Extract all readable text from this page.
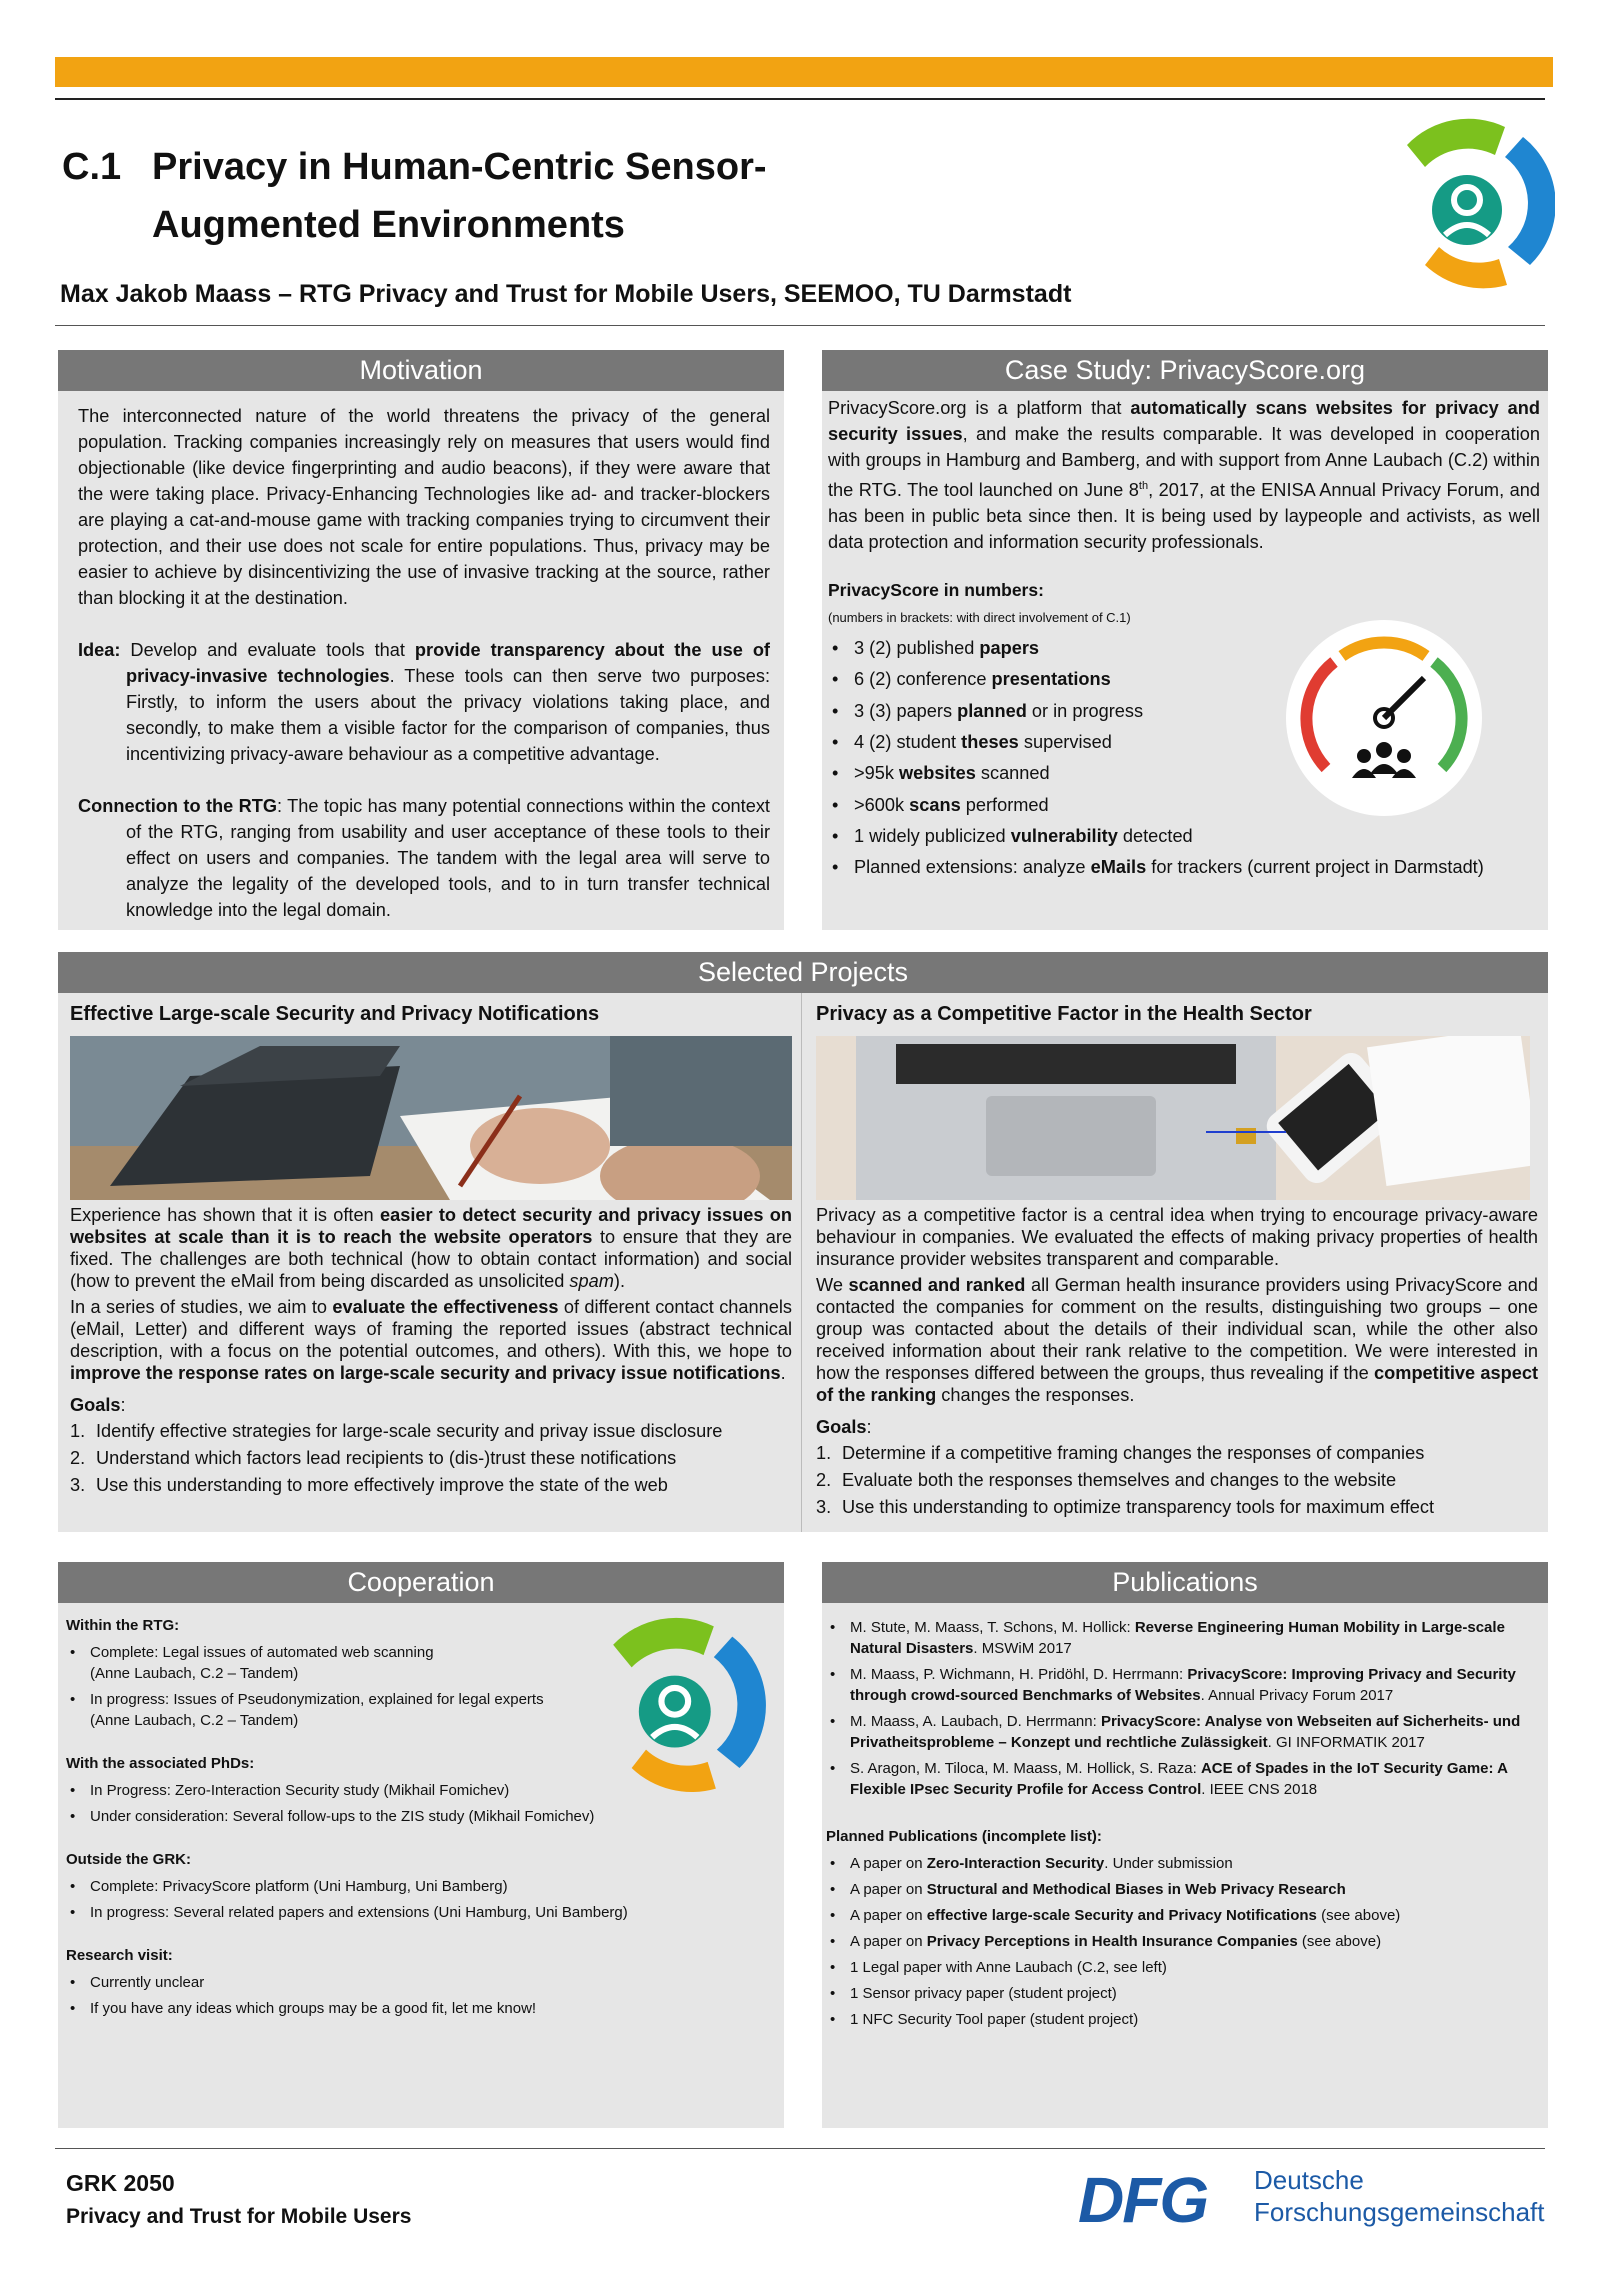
C.1 Privacy in Human-Centric Sensor-
Augmented Environments
Max Jakob Maass – RTG Privacy and Trust for Mobile Users, SEEMOO, TU Darmstadt
Motivation

The interconnected nature of the world threatens the privacy of the general population. Tracking companies increasingly rely on measures that users would find objectionable (like device fingerprinting and audio beacons), if they were aware that the were taking place. Privacy-Enhancing Technologies like ad- and tracker-blockers are playing a cat-and-mouse game with tracking companies trying to circumvent their protection, and their use does not scale for entire populations. Thus, privacy may be easier to achieve by disincentivizing the use of invasive tracking at the source, rather than blocking it at the destination.

Idea: Develop and evaluate tools that provide transparency about the use of privacy-invasive technologies. These tools can then serve two purposes: Firstly, to inform the users about the privacy violations taking place, and secondly, to make them a visible factor for the comparison of companies, thus incentivizing privacy-aware behaviour as a competitive advantage.

Connection to the RTG: The topic has many potential connections within the context of the RTG, ranging from usability and user acceptance of these tools to their effect on users and companies. The tandem with the legal area will serve to analyze the legality of the developed tools, and to in turn transfer technical knowledge into the legal domain.

Case Study: PrivacyScore.org

PrivacyScore.org is a platform that automatically scans websites for privacy and security issues, and make the results comparable. It was developed in cooperation with groups in Hamburg and Bamberg, and with support from Anne Laubach (C.2) within the RTG. The tool launched on June 8th, 2017, at the ENISA Annual Privacy Forum, and has been in public beta since then. It is being used by laypeople and activists, as well data protection and information security professionals.

PrivacyScore in numbers:

(numbers in brackets: with direct involvement of C.1)

• 3 (2) published papers
• 6 (2) conference presentations
• 3 (3) papers planned or in progress
• 4 (2) student theses supervised
• >95k websites scanned
• >600k scans performed
• 1 widely publicized vulnerability detected
• Planned extensions: analyze eMails for trackers (current project in Darmstadt)
Selected Projects
Effective Large-scale Security and Privacy Notifications

Experience has shown that it is often easier to detect security and privacy issues on websites at scale than it is to reach the website operators to ensure that they are fixed. The challenges are both technical (how to obtain contact information) and social (how to prevent the eMail from being discarded as unsolicited spam).

In a series of studies, we aim to evaluate the effectiveness of different contact channels (eMail, Letter) and different ways of framing the reported issues (abstract technical description, with a focus on the potential outcomes, and others). With this, we hope to improve the response rates on large-scale security and privacy issue notifications.

Goals:

1. Identify effective strategies for large-scale security and privay issue disclosure
2. Understand which factors lead recipients to (dis-)trust these notifications
3. Use this understanding to more effectively improve the state of the web
Privacy as a Competitive Factor in the Health Sector

Privacy as a competitive factor is a central idea when trying to encourage privacy-aware behaviour in companies. We evaluated the effects of making privacy properties of health insurance provider websites transparent and comparable.

We scanned and ranked all German health insurance providers using PrivacyScore and contacted the companies for comment on the results, distinguishing two groups – one group was contacted about the details of their individual scan, while the other also received information about their rank relative to the competition. We were interested in how the responses differed between the groups, thus revealing if the competitive aspect of the ranking changes the responses.

Goals:

1. Determine if a competitive framing changes the responses of companies
2. Evaluate both the responses themselves and changes to the website
3. Use this understanding to optimize transparency tools for maximum effect
Cooperation
Within the RTG:
• Complete: Legal issues of automated web scanning
(Anne Laubach, C.2 – Tandem)
• In progress: Issues of Pseudonymization, explained for legal experts
(Anne Laubach, C.2 – Tandem)
With the associated PhDs:
• In Progress: Zero-Interaction Security study (Mikhail Fomichev)
• Under consideration: Several follow-ups to the ZIS study (Mikhail Fomichev)
Outside the GRK:
• Complete: PrivacyScore platform (Uni Hamburg, Uni Bamberg)
• In progress: Several related papers and extensions (Uni Hamburg, Uni Bamberg)
Research visit:
• Currently unclear
• If you have any ideas which groups may be a good fit, let me know!
Publications
• M. Stute, M. Maass, T. Schons, M. Hollick: Reverse Engineering Human Mobility in Large-scale Natural Disasters. MSWiM 2017
• M. Maass, P. Wichmann, H. Pridöhl, D. Herrmann: PrivacyScore: Improving Privacy and Security through crowd-sourced Benchmarks of Websites. Annual Privacy Forum 2017
• M. Maass, A. Laubach, D. Herrmann: PrivacyScore: Analyse von Webseiten auf Sicherheits- und Privatheitsprobleme – Konzept und rechtliche Zulässigkeit. GI INFORMATIK 2017
• S. Aragon, M. Tiloca, M. Maass, M. Hollick, S. Raza: ACE of Spades in the IoT Security Game: A Flexible IPsec Security Profile for Access Control. IEEE CNS 2018
Planned Publications (incomplete list):
• A paper on Zero-Interaction Security. Under submission
• A paper on Structural and Methodical Biases in Web Privacy Research
• A paper on effective large-scale Security and Privacy Notifications (see above)
• A paper on Privacy Perceptions in Health Insurance Companies (see above)
• 1 Legal paper with Anne Laubach (C.2, see left)
• 1 Sensor privacy paper (student project)
• 1 NFC Security Tool paper (student project)
GRK 2050
Privacy and Trust for Mobile Users	DFG Deutsche
Forschungsgemeinschaft
